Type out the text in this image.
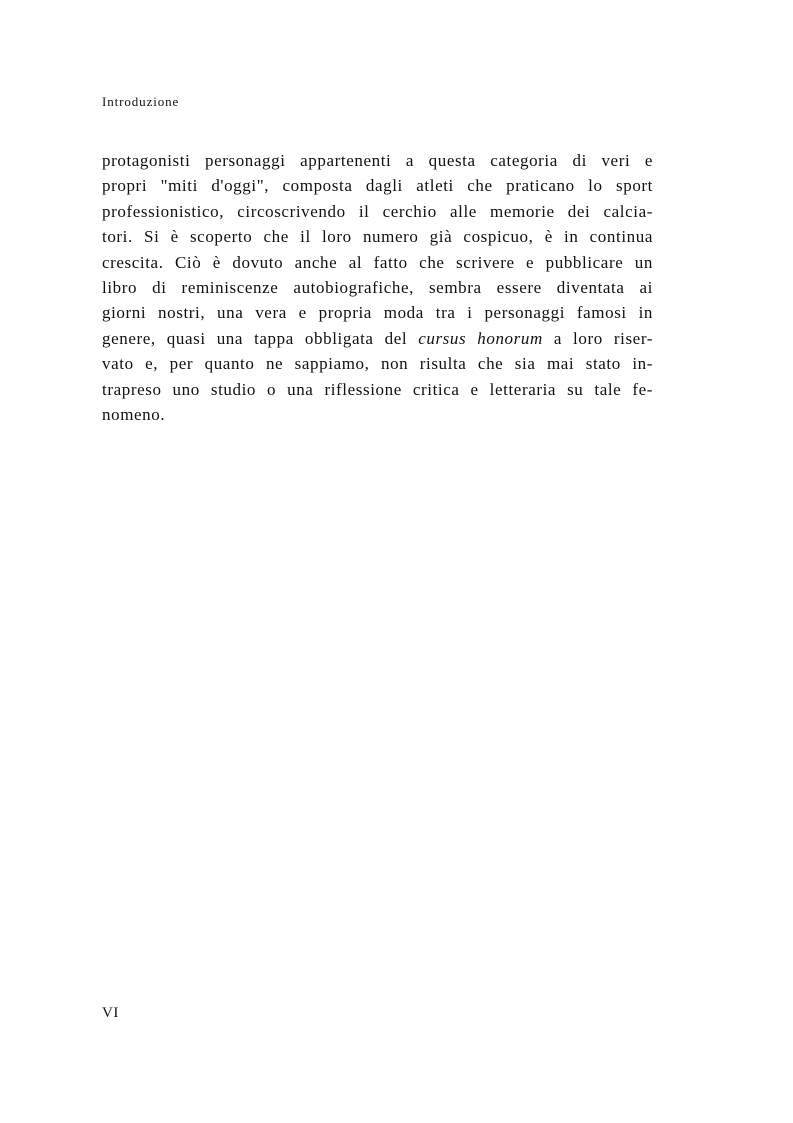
Introduzione
protagonisti personaggi appartenenti a questa categoria di veri e
propri "miti d'oggi", composta dagli atleti che praticano lo sport
professionistico, circoscrivendo il cerchio alle memorie dei calcia-
tori. Si è scoperto che il loro numero già cospicuo, è in continua
crescita. Ciò è dovuto anche al fatto che scrivere e pubblicare un
libro di reminiscenze autobiografiche, sembra essere diventata ai
giorni nostri, una vera e propria moda tra i personaggi famosi in
genere, quasi una tappa obbligata del cursus honorum a loro riser-
vato e, per quanto ne sappiamo, non risulta che sia mai stato in-
trapreso uno studio o una riflessione critica e letteraria su tale fe-
nomeno.
VI
